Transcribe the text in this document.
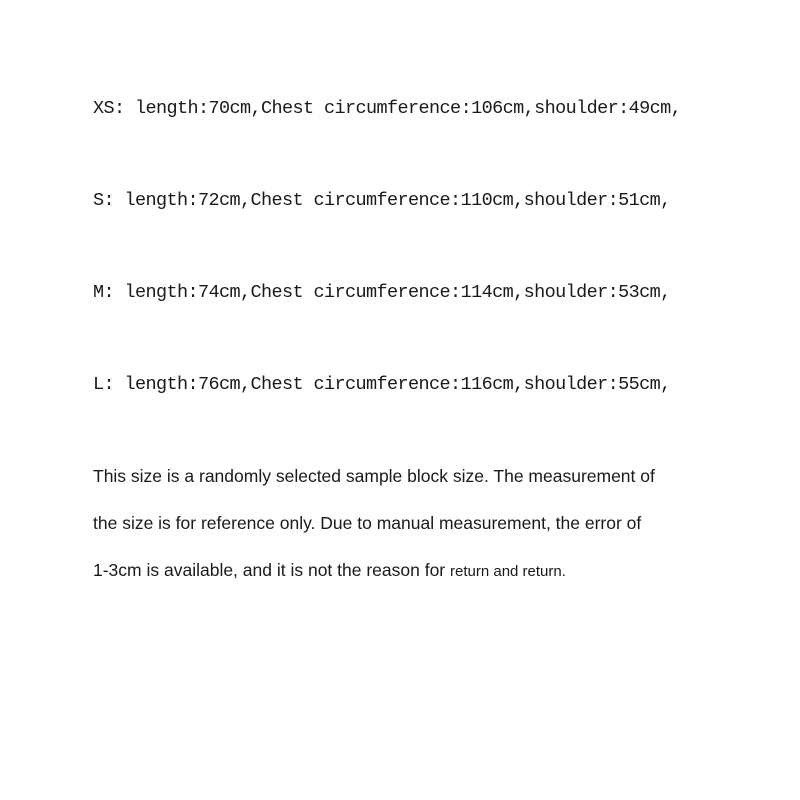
XS: length:70cm,Chest circumference:106cm,shoulder:49cm,
S: length:72cm,Chest circumference:110cm,shoulder:51cm,
M: length:74cm,Chest circumference:114cm,shoulder:53cm,
L: length:76cm,Chest circumference:116cm,shoulder:55cm,
This size is a randomly selected sample block size. The measurement of
the size is for reference only. Due to manual measurement, the error of
1-3cm is available, and it is not the reason for return and return.
